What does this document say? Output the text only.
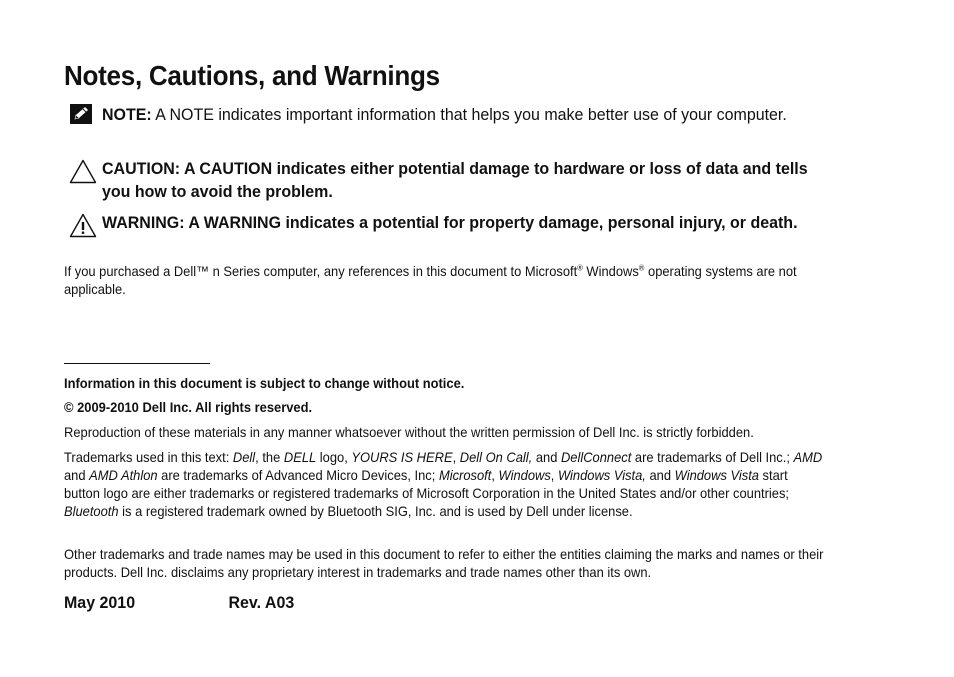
Notes, Cautions, and Warnings
NOTE: A NOTE indicates important information that helps you make better use of your computer.
CAUTION: A CAUTION indicates either potential damage to hardware or loss of data and tells you how to avoid the problem.
WARNING: A WARNING indicates a potential for property damage, personal injury, or death.
If you purchased a Dell™ n Series computer, any references in this document to Microsoft® Windows® operating systems are not applicable.
Information in this document is subject to change without notice.
© 2009-2010 Dell Inc. All rights reserved.
Reproduction of these materials in any manner whatsoever without the written permission of Dell Inc. is strictly forbidden.
Trademarks used in this text: Dell, the DELL logo, YOURS IS HERE, Dell On Call, and DellConnect are trademarks of Dell Inc.; AMD and AMD Athlon are trademarks of Advanced Micro Devices, Inc; Microsoft, Windows, Windows Vista, and Windows Vista start button logo are either trademarks or registered trademarks of Microsoft Corporation in the United States and/or other countries; Bluetooth is a registered trademark owned by Bluetooth SIG, Inc. and is used by Dell under license.
Other trademarks and trade names may be used in this document to refer to either the entities claiming the marks and names or their products. Dell Inc. disclaims any proprietary interest in trademarks and trade names other than its own.
May 2010	Rev. A03
